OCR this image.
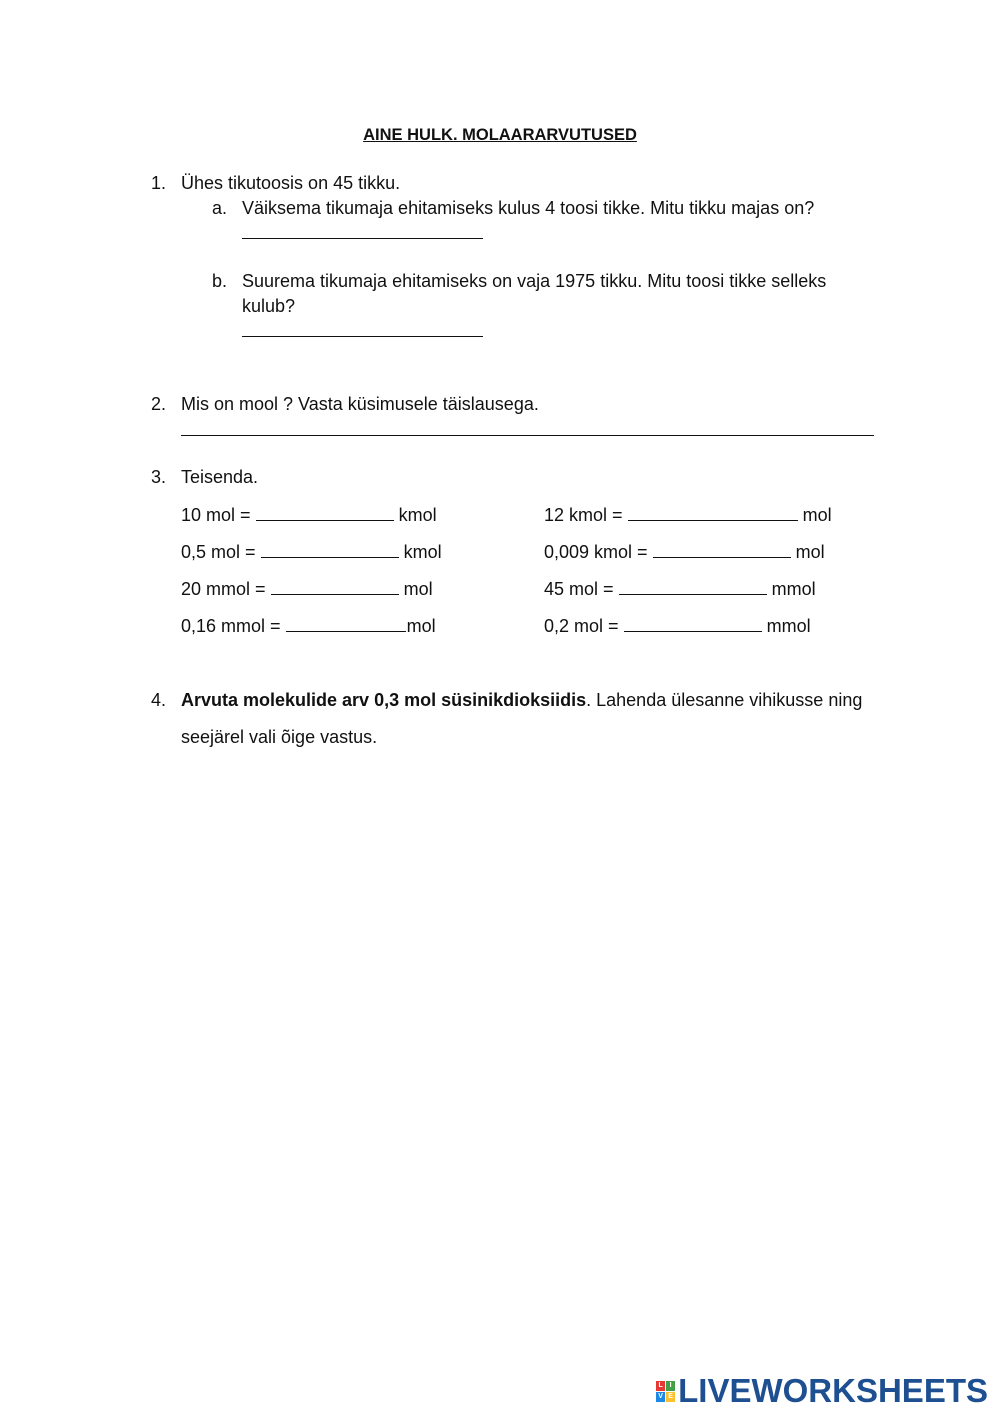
AINE HULK. MOLAARARVUTUSED
1. Ühes tikutoosis on 45 tikku.
a. Väiksema tikumaja ehitamiseks kulus 4 toosi tikke. Mitu tikku majas on?
b. Suurema tikumaja ehitamiseks on vaja 1975 tikku. Mitu toosi tikke selleks
kulub?
2. Mis on mool ? Vasta küsimusele täislausega.
3. Teisenda.
10 mol =	kmol	12 kmol =	mol
0,5 mol =	kmol	0,009 kmol =	mol
20 mmol =	mol	45 mol =	mmol
0,16 mmol =	mol	0,2 mol =	mmol
4. Arvuta molekulide arv 0,3 mol süsinikdioksiidis. Lahenda ülesanne vihikusse ning
seejärel vali õige vastus.
L I
V E LIVEWORKSHEETS
